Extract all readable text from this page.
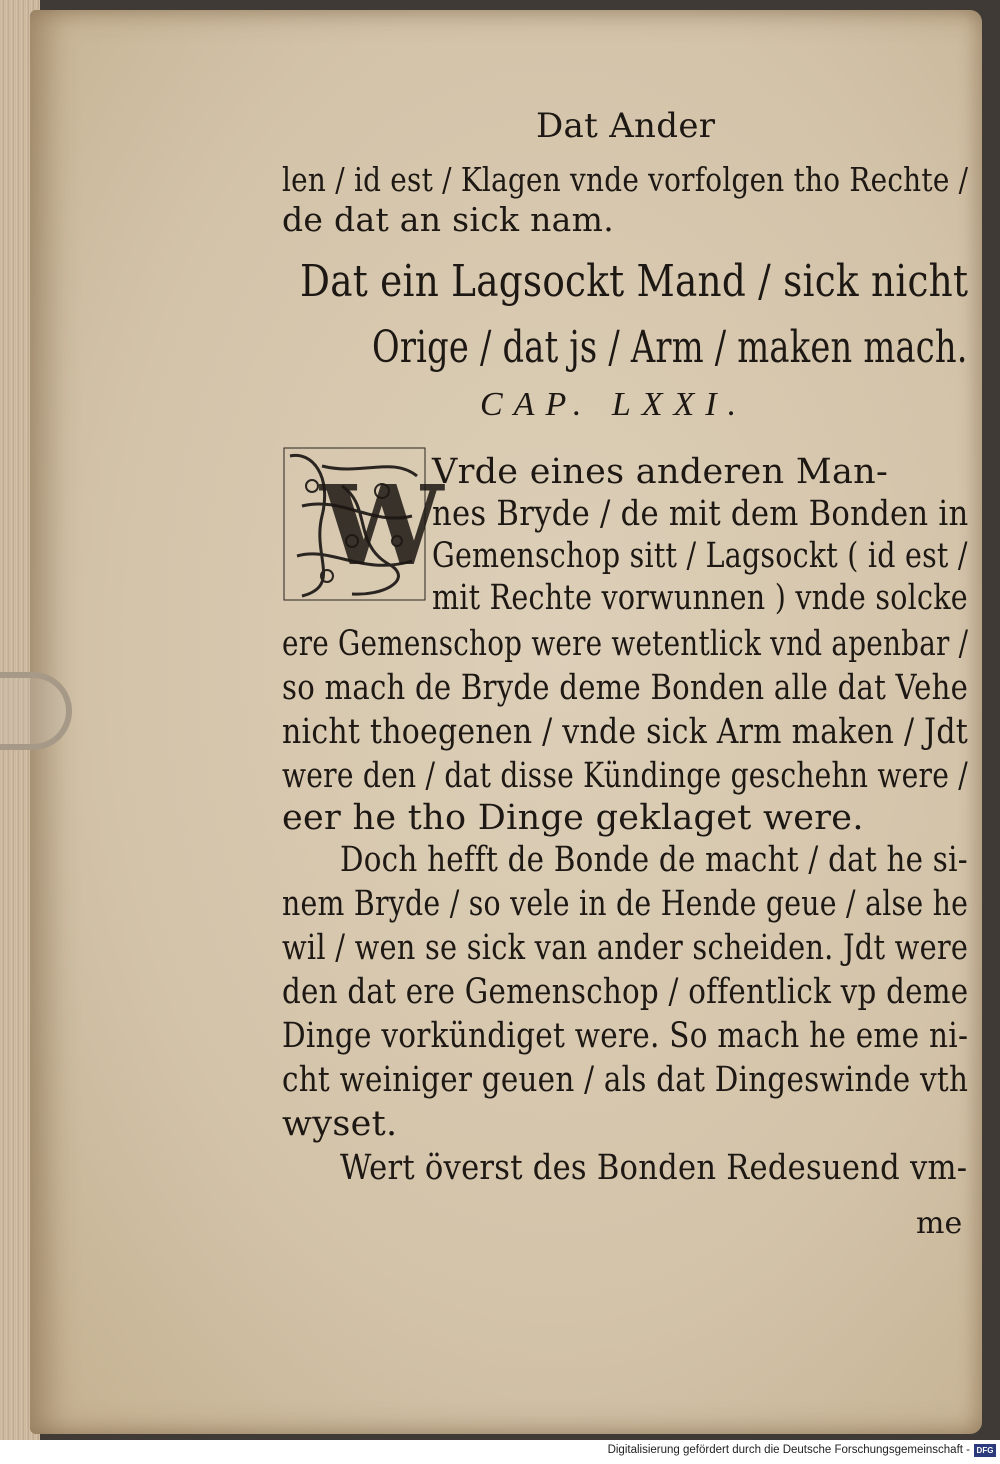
Dat Ander
len / id est / Klagen vnde vorfolgen tho Rechte /
de dat an sick nam.
Dat ein Lagsockt Mand / sick nicht
Orige / dat js / Arm / maken mach.
CAP. LXXI.
W
Vrde eines anderen Man-
nes Bryde / de mit dem Bonden in
Gemenschop sitt / Lagsockt ( id est /
mit Rechte vorwunnen ) vnde solcke
ere Gemenschop were wetentlick vnd apenbar /
so mach de Bryde deme Bonden alle dat Vehe
nicht thoegenen / vnde sick Arm maken / Jdt
were den / dat disse Kündinge geschehn were /
eer he tho Dinge geklaget were.
Doch hefft de Bonde de macht / dat he si-
nem Bryde / so vele in de Hende geue / alse he
wil / wen se sick van ander scheiden. Jdt were
den dat ere Gemenschop / offentlick vp deme
Dinge vorkündiget were. So mach he eme ni-
cht weiniger geuen / als dat Dingeswinde vth
wyset.
Wert överst des Bonden Redesuend vm-
me
Digitalisierung gefördert durch die Deutsche Forschungsgemeinschaft - DFG
